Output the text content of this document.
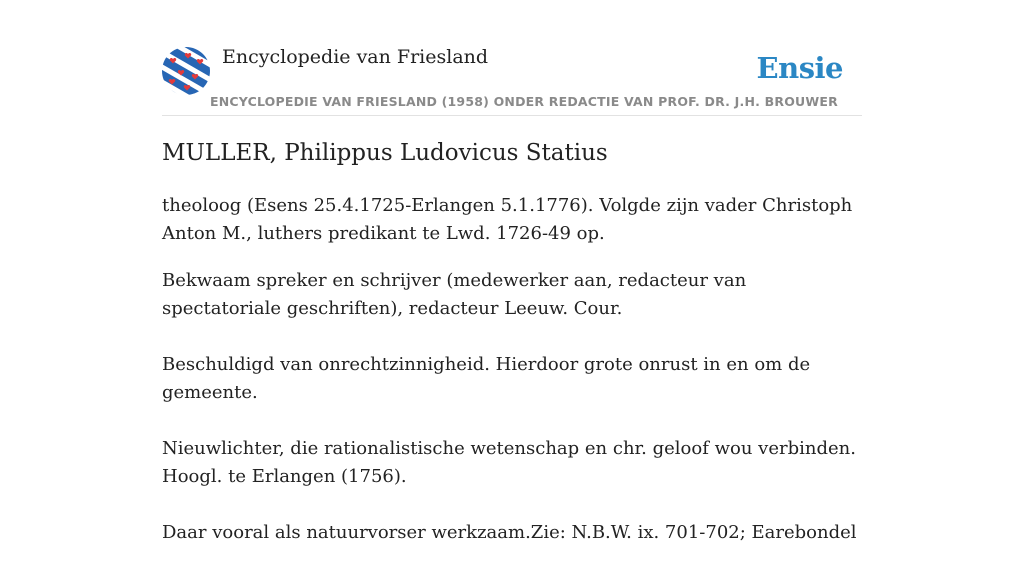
Encyclopedie van Friesland	Ensie
ENCYCLOPEDIE VAN FRIESLAND (1958) ONDER REDACTIE VAN PROF. DR. J.H. BROUWER
MULLER, Philippus Ludovicus Statius

theoloog (Esens 25.4.1725-Erlangen 5.1.1776). Volgde zijn vader Christoph Anton M., luthers predikant te Lwd. 1726-49 op.

Bekwaam spreker en schrijver (medewerker aan, redacteur van spectatoriale geschriften), redacteur Leeuw. Cour.

Beschuldigd van onrechtzinnigheid. Hierdoor grote onrust in en om de gemeente.

Nieuwlichter, die rationalistische wetenschap en chr. geloof wou verbinden. Hoogl. te Erlangen (1756).

Daar vooral als natuurvorser werkzaam.Zie: N.B.W. ix. 701-702; Earebondel
